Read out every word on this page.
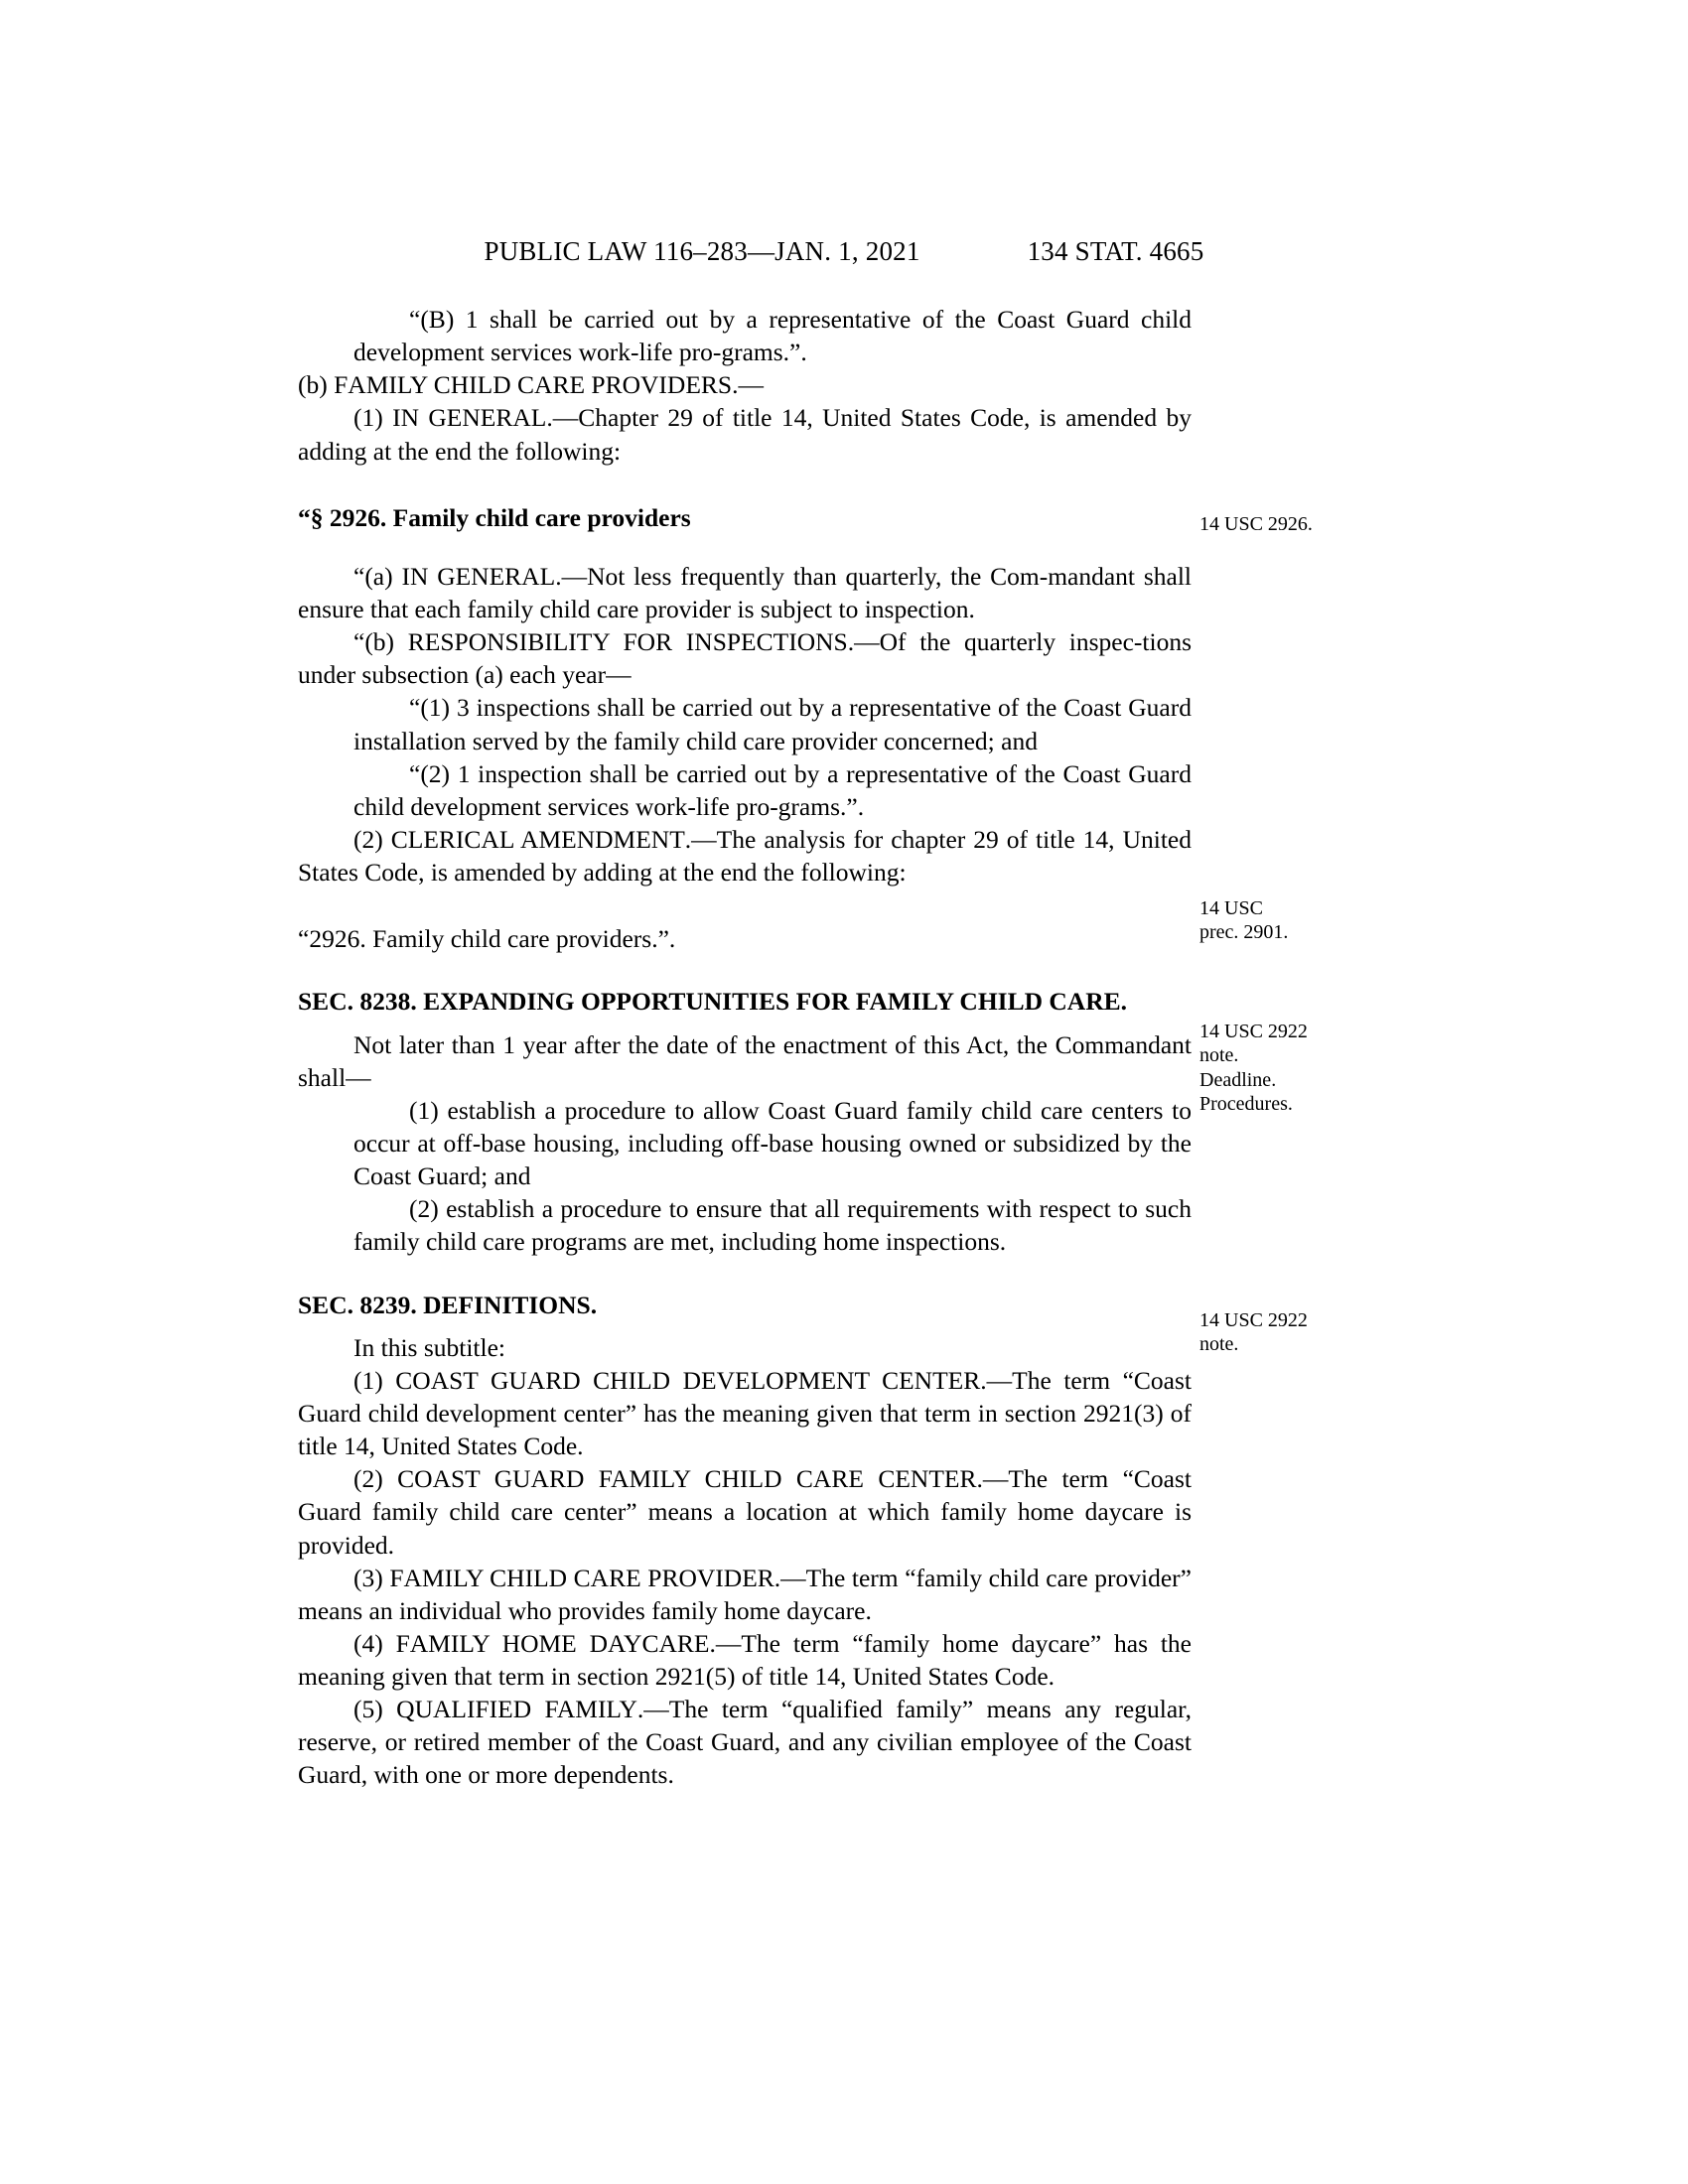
PUBLIC LAW 116–283—JAN. 1, 2021	134 STAT. 4665

“(B) 1 shall be carried out by a representative of the Coast Guard child development services work-life pro-grams.”.

(b) FAMILY CHILD CARE PROVIDERS.—

(1) IN GENERAL.—Chapter 29 of title 14, United States Code, is amended by adding at the end the following:

“§ 2926. Family child care providers

“(a) IN GENERAL.—Not less frequently than quarterly, the Com-mandant shall ensure that each family child care provider is subject to inspection.

“(b) RESPONSIBILITY FOR INSPECTIONS.—Of the quarterly inspec-tions under subsection (a) each year—

“(1) 3 inspections shall be carried out by a representative of the Coast Guard installation served by the family child care provider concerned; and

“(2) 1 inspection shall be carried out by a representative of the Coast Guard child development services work-life pro-grams.”.

(2) CLERICAL AMENDMENT.—The analysis for chapter 29 of title 14, United States Code, is amended by adding at the end the following:

“2926. Family child care providers.”.

SEC. 8238. EXPANDING OPPORTUNITIES FOR FAMILY CHILD CARE.

Not later than 1 year after the date of the enactment of this Act, the Commandant shall—

(1) establish a procedure to allow Coast Guard family child care centers to occur at off-base housing, including off-base housing owned or subsidized by the Coast Guard; and

(2) establish a procedure to ensure that all requirements with respect to such family child care programs are met, including home inspections.

SEC. 8239. DEFINITIONS.

In this subtitle:

(1) COAST GUARD CHILD DEVELOPMENT CENTER.—The term “Coast Guard child development center” has the meaning given that term in section 2921(3) of title 14, United States Code.

(2) COAST GUARD FAMILY CHILD CARE CENTER.—The term “Coast Guard family child care center” means a location at which family home daycare is provided.

(3) FAMILY CHILD CARE PROVIDER.—The term “family child care provider” means an individual who provides family home daycare.

(4) FAMILY HOME DAYCARE.—The term “family home daycare” has the meaning given that term in section 2921(5) of title 14, United States Code.

(5) QUALIFIED FAMILY.—The term “qualified family” means any regular, reserve, or retired member of the Coast Guard, and any civilian employee of the Coast Guard, with one or more dependents.

14 USC 2926.
14 USC
prec. 2901.
14 USC 2922
note.
Deadline.
Procedures.
14 USC 2922
note.
